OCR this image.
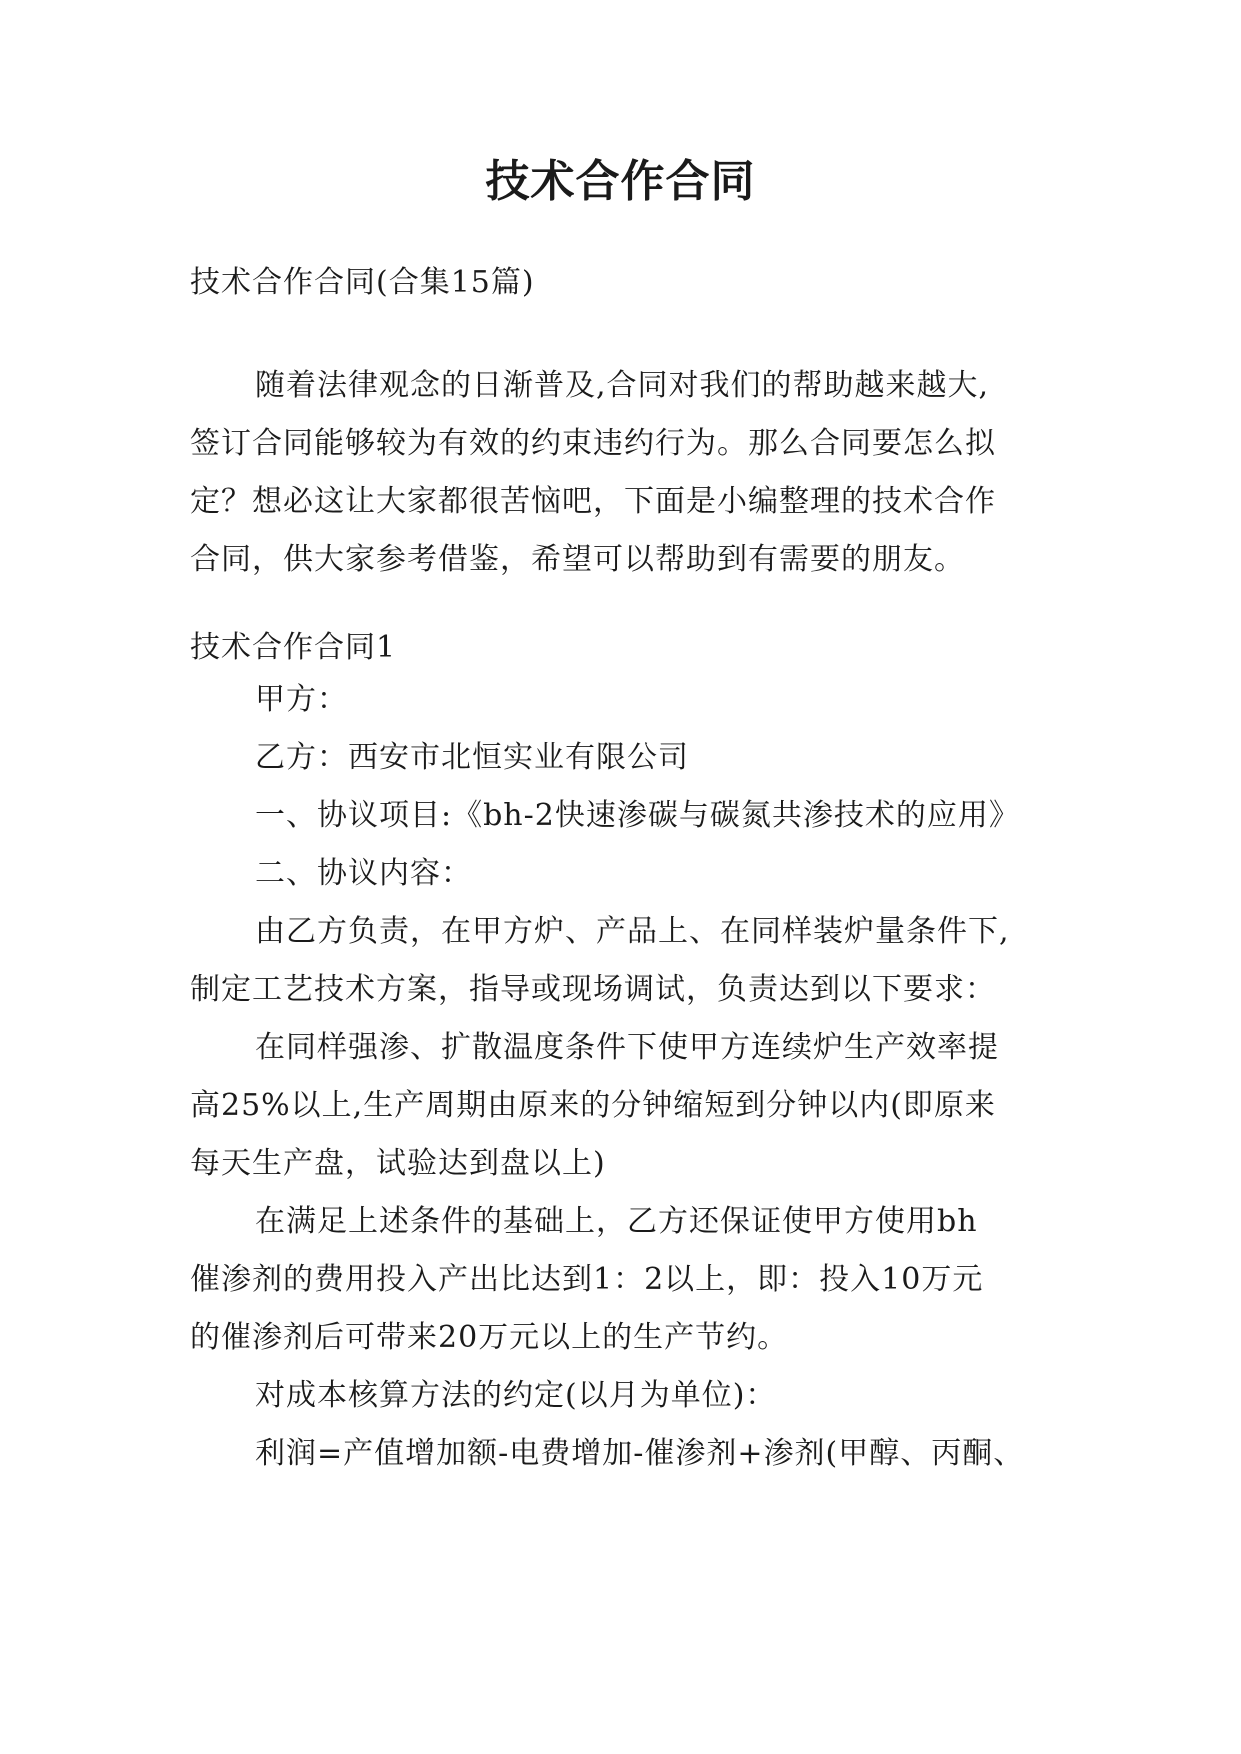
技术合作合同

技术合作合同(合集15篇)

随着法律观念的日渐普及,合同对我们的帮助越来越大,
签订合同能够较为有效的约束违约行为。那么合同要怎么拟
定？想必这让大家都很苦恼吧，下面是小编整理的技术合作
合同，供大家参考借鉴，希望可以帮助到有需要的朋友。

技术合作合同1

甲方：
乙方：西安市北恒实业有限公司
一、协议项目:《bh-2快速渗碳与碳氮共渗技术的应用》
二、协议内容：
由乙方负责，在甲方炉、产品上、在同样装炉量条件下,
制定工艺技术方案，指导或现场调试，负责达到以下要求：
在同样强渗、扩散温度条件下使甲方连续炉生产效率提
高25%以上,生产周期由原来的分钟缩短到分钟以内(即原来
每天生产盘，试验达到盘以上)
在满足上述条件的基础上，乙方还保证使甲方使用bh
催渗剂的费用投入产出比达到1：2以上，即：投入10万元
的催渗剂后可带来20万元以上的生产节约。
对成本核算方法的约定(以月为单位)：
利润=产值增加额-电费增加-催渗剂+渗剂(甲醇、丙酮、
